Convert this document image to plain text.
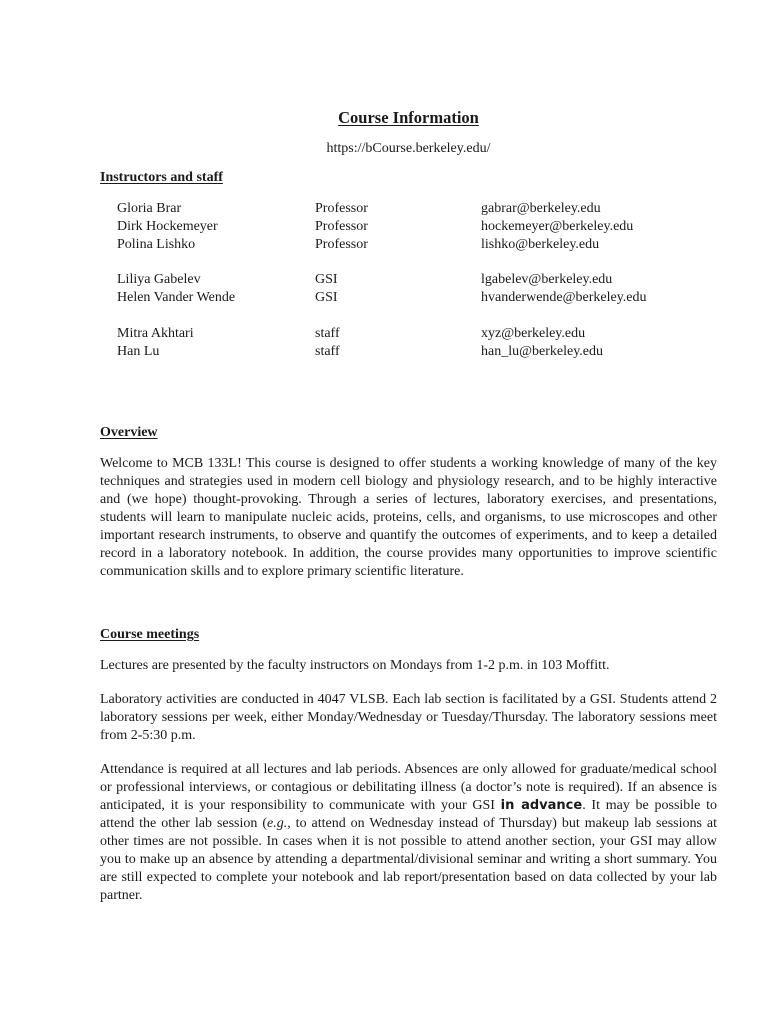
Course Information
https://bCourse.berkeley.edu/
Instructors and staff
Gloria Brar	Professor	gabrar@berkeley.edu
Dirk Hockemeyer	Professor	hockemeyer@berkeley.edu
Polina Lishko	Professor	lishko@berkeley.edu
Liliya Gabelev	GSI	lgabelev@berkeley.edu
Helen Vander Wende	GSI	hvanderwende@berkeley.edu
Mitra Akhtari	staff	xyz@berkeley.edu
Han Lu	staff	han_lu@berkeley.edu
Overview

Welcome to MCB 133L! This course is designed to offer students a working knowledge of many of the key techniques and strategies used in modern cell biology and physiology research, and to be highly interactive and (we hope) thought-provoking. Through a series of lectures, laboratory exercises, and presentations, students will learn to manipulate nucleic acids, proteins, cells, and organisms, to use microscopes and other important research instruments, to observe and quantify the outcomes of experiments, and to keep a detailed record in a laboratory notebook. In addition, the course provides many opportunities to improve scientific communication skills and to explore primary scientific literature.

Course meetings

Lectures are presented by the faculty instructors on Mondays from 1-2 p.m. in 103 Moffitt.

Laboratory activities are conducted in 4047 VLSB. Each lab section is facilitated by a GSI. Students attend 2 laboratory sessions per week, either Monday/Wednesday or Tuesday/Thursday. The laboratory sessions meet from 2-5:30 p.m.

Attendance is required at all lectures and lab periods. Absences are only allowed for graduate/medical school or professional interviews, or contagious or debilitating illness (a doctor’s note is required). If an absence is anticipated, it is your responsibility to communicate with your GSI in advance. It may be possible to attend the other lab session (e.g., to attend on Wednesday instead of Thursday) but makeup lab sessions at other times are not possible. In cases when it is not possible to attend another section, your GSI may allow you to make up an absence by attending a departmental/divisional seminar and writing a short summary. You are still expected to complete your notebook and lab report/presentation based on data collected by your lab partner.
